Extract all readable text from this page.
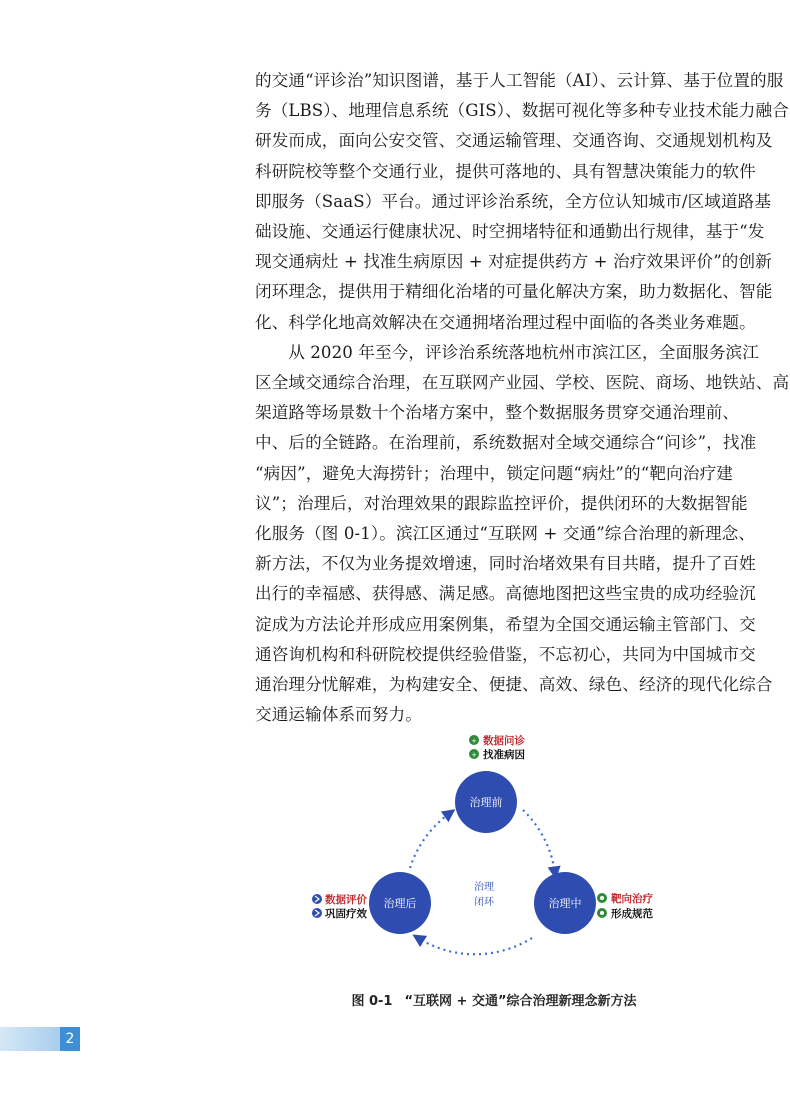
的交通“评诊治”知识图谱，基于人工智能（AI）、云计算、基于位置的服
务（LBS）、地理信息系统（GIS）、数据可视化等多种专业技术能力融合
研发而成，面向公安交管、交通运输管理、交通咨询、交通规划机构及
科研院校等整个交通行业，提供可落地的、具有智慧决策能力的软件
即服务（SaaS）平台。通过评诊治系统，全方位认知城市/区域道路基
础设施、交通运行健康状况、时空拥堵特征和通勤出行规律，基于“发
现交通病灶 + 找准生病原因 + 对症提供药方 + 治疗效果评价”的创新
闭环理念，提供用于精细化治堵的可量化解决方案，助力数据化、智能
化、科学化地高效解决在交通拥堵治理过程中面临的各类业务难题。

从 2020 年至今，评诊治系统落地杭州市滨江区，全面服务滨江
区全域交通综合治理，在互联网产业园、学校、医院、商场、地铁站、高
架道路等场景数十个治堵方案中，整个数据服务贯穿交通治理前、
中、后的全链路。在治理前，系统数据对全域交通综合“问诊”，找准
“病因”，避免大海捞针；治理中，锁定问题“病灶”的“靶向治疗建
议”；治理后，对治理效果的跟踪监控评价，提供闭环的大数据智能
化服务（图 0-1）。滨江区通过“互联网 + 交通”综合治理的新理念、
新方法，不仅为业务提效增速，同时治堵效果有目共睹，提升了百姓
出行的幸福感、获得感、满足感。高德地图把这些宝贵的成功经验沉
淀成为方法论并形成应用案例集，希望为全国交通运输主管部门、交
通咨询机构和科研院校提供经验借鉴，不忘初心，共同为中国城市交
通治理分忧解难，为构建安全、便捷、高效、绿色、经济的现代化综合
交通运输体系而努力。

治理前
治理中
治理后
治理
闭环
+ 数据问诊
+ 找准病因
靶向治疗
形成规范
数据评价
巩固疗效
图 0-1 “互联网 + 交通”综合治理新理念新方法
2
